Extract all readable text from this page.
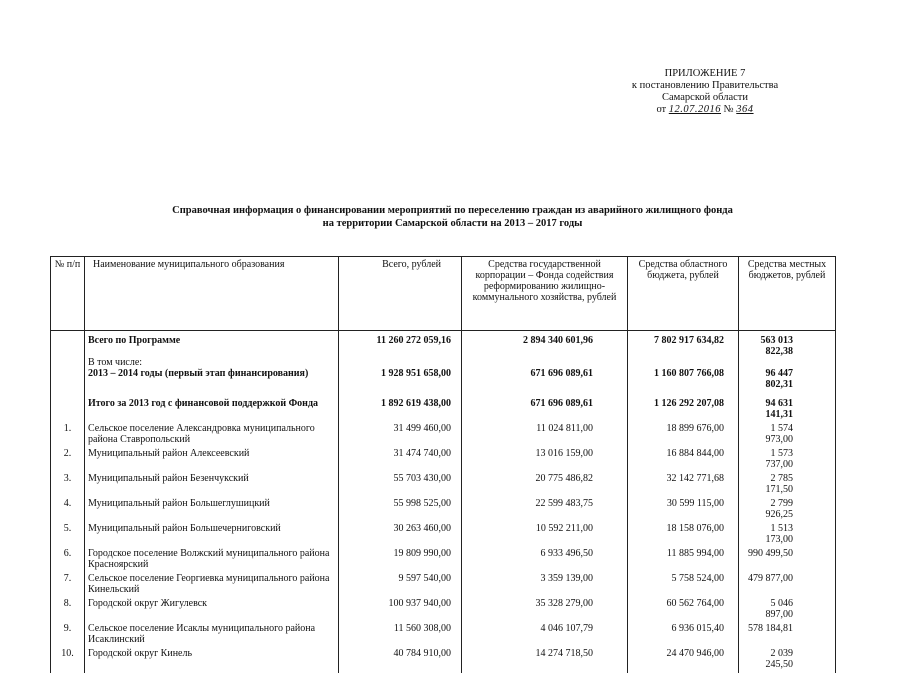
ПРИЛОЖЕНИЕ 7
к постановлению Правительства
Самарской области
от 12.07.2016 № 364
Справочная информация о финансировании мероприятий по переселению граждан из аварийного жилищного фонда
на территории Самарской области на 2013 – 2017 годы
№ п/п	Наименование муниципального образования	Всего, рублей	Средства государственной корпорации – Фонда содействия реформированию жилищно-коммунального хозяйства, рублей	Средства областного бюджета, рублей	Средства местных бюджетов, рублей
	Всего по Программе	11 260 272 059,16	2 894 340 601,96	7 802 917 634,82	563 013 822,38
	В том числе:				
	2013 – 2014 годы (первый этап финансирования)	1 928 951 658,00	671 696 089,61	1 160 807 766,08	96 447 802,31

	Итого за 2013 год с финансовой поддержкой Фонда	1 892 619 438,00	671 696 089,61	1 126 292 207,08	94 631 141,31
1.	Сельское поселение Александровка муниципального района Ставропольский	31 499 460,00	11 024 811,00	18 899 676,00	1 574 973,00
2.	Муниципальный район Алексеевский	31 474 740,00	13 016 159,00	16 884 844,00	1 573 737,00
3.	Муниципальный район Безенчукский	55 703 430,00	20 775 486,82	32 142 771,68	2 785 171,50
4.	Муниципальный район Большеглушицкий	55 998 525,00	22 599 483,75	30 599 115,00	2 799 926,25
5.	Муниципальный район Большечерниговский	30 263 460,00	10 592 211,00	18 158 076,00	1 513 173,00
6.	Городское поселение Волжский муниципального района Красноярский	19 809 990,00	6 933 496,50	11 885 994,00	990 499,50
7.	Сельское поселение Георгиевка муниципального района Кинельский	9 597 540,00	3 359 139,00	5 758 524,00	479 877,00
8.	Городской округ Жигулевск	100 937 940,00	35 328 279,00	60 562 764,00	5 046 897,00
9.	Сельское поселение Исаклы муниципального района Исаклинский	11 560 308,00	4 046 107,79	6 936 015,40	578 184,81
10.	Городской округ Кинель	40 784 910,00	14 274 718,50	24 470 946,00	2 039 245,50
